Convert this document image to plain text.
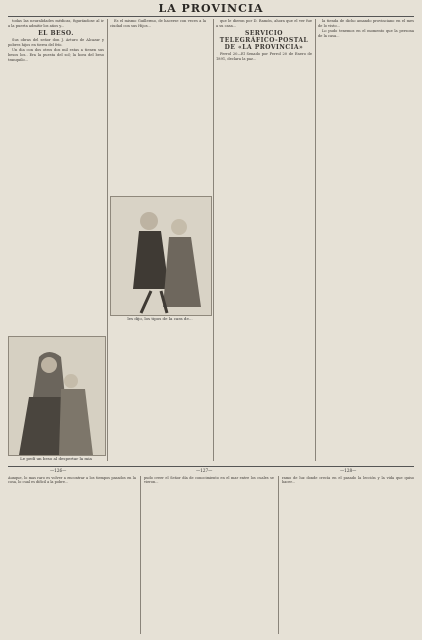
LA PROVINCIA

todas las neuralidades médicas, figurándose al ir a la puerta admitir los años y...

EL BESO.

Sus obras del señor don J. Arturo de Alcazar y pobres hijos en tierra del frío.

Un dia con dos otros dos mil estas a tienen sus besos los.. Era la puesta del sol; la hora del beso tranquilo...

Le pedí un beso al despertar la mia

Es el mismo Guillermo, de hacerse con veces a la ciudad con sus Hijos...

les dijo, los tipos de la cara de...

que le dieron por D. Ramón, ahora que el ver fue a su casa...

SERVICIO TELEGRÁFICO-POSTAL DE «LA PROVINCIA»

Ferrol 20—El Senado por Ferrol 20 de Enero de 1891, declara la paz...

la tienda de dicho amando provinciano en el mes de lo visto...

Lo pudo tenemos en el momento que la persona de la casa...

—126—	—127—	—128—
Aunque, lo mas raro es volver a encontrar a los tiempos pasados en la cosa, lo cual es difícil a la pobre...
pudo creer el Señor día de conocimiento en el mar entre los cuales se vieron...
ramo de luz donde crecía en el pasado la lección y la vida que quiso hacer...
